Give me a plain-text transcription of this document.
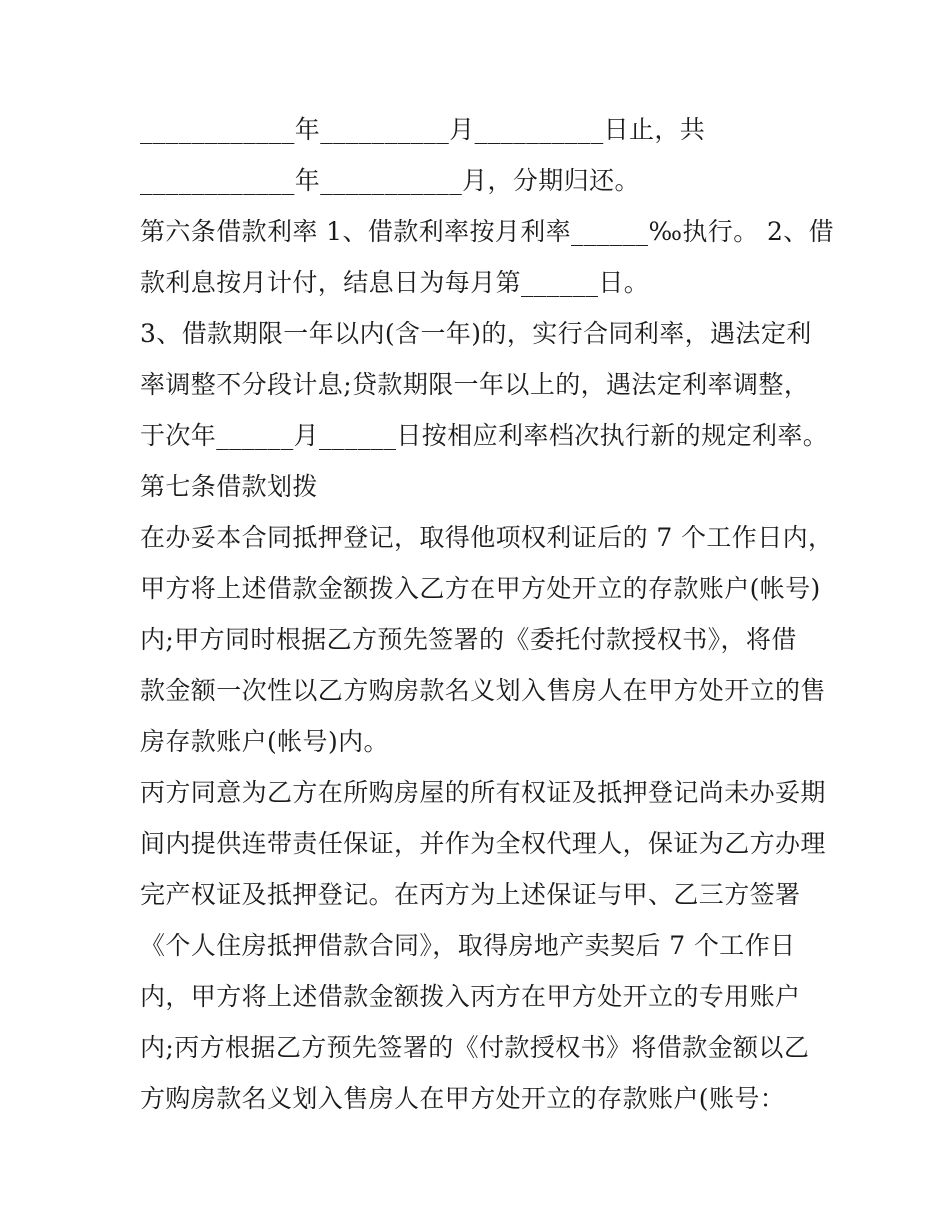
____________年__________月__________日止，共
____________年___________月，分期归还。
第六条借款利率 1、借款利率按月利率______‰执行。 2、借
款利息按月计付，结息日为每月第______日。
3、借款期限一年以内(含一年)的，实行合同利率，遇法定利
率调整不分段计息;贷款期限一年以上的，遇法定利率调整，
于次年______月______日按相应利率档次执行新的规定利率。
第七条借款划拨
在办妥本合同抵押登记，取得他项权利证后的 7 个工作日内，
甲方将上述借款金额拨入乙方在甲方处开立的存款账户(帐号)
内;甲方同时根据乙方预先签署的《委托付款授权书》，将借
款金额一次性以乙方购房款名义划入售房人在甲方处开立的售
房存款账户(帐号)内。
丙方同意为乙方在所购房屋的所有权证及抵押登记尚未办妥期
间内提供连带责任保证，并作为全权代理人，保证为乙方办理
完产权证及抵押登记。在丙方为上述保证与甲、乙三方签署
《个人住房抵押借款合同》，取得房地产卖契后 7 个工作日
内，甲方将上述借款金额拨入丙方在甲方处开立的专用账户
内;丙方根据乙方预先签署的《付款授权书》将借款金额以乙
方购房款名义划入售房人在甲方处开立的存款账户(账号：
